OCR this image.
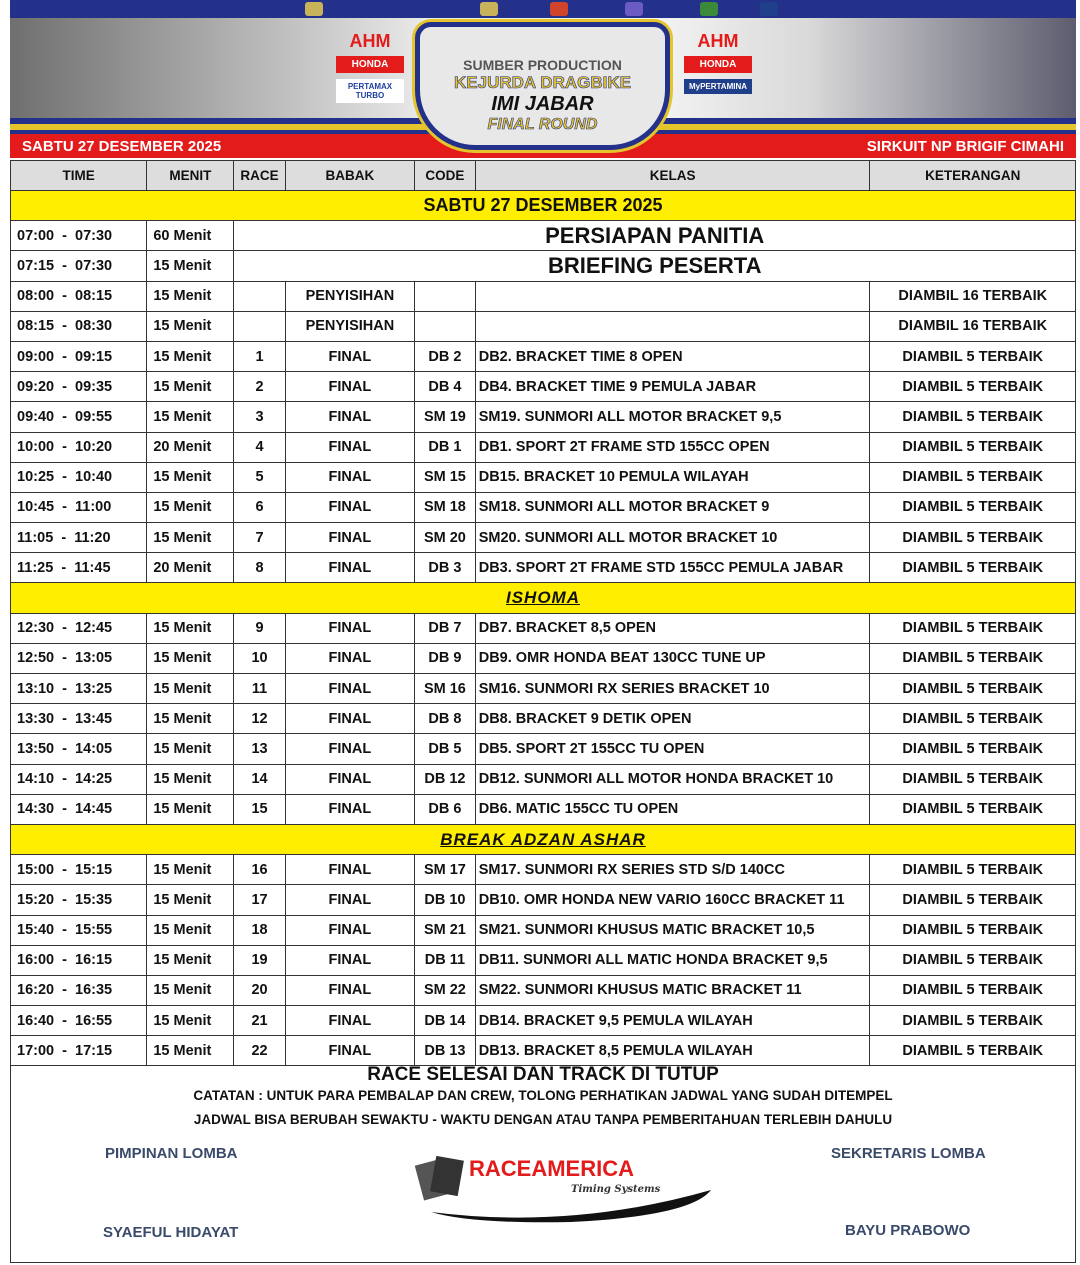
AHM
HONDA
PERTAMAX TURBO
AHM
HONDA
MyPERTAMINA
SABTU 27 DESEMBER 2025	SIRKUIT NP BRIGIF CIMAHI
SUMBER PRODUCTION
KEJURDA DRAGBIKE
IMI JABAR
FINAL ROUND
TIME	MENIT	RACE	BABAK	CODE	KELAS	KETERANGAN
SABTU 27 DESEMBER 2025						
07:00  -  07:30	60 Menit	PERSIAPAN PANITIA				
07:15  -  07:30	15 Menit	BRIEFING PESERTA				
08:00  -  08:15	15 Menit		PENYISIHAN			DIAMBIL 16 TERBAIK
08:15  -  08:30	15 Menit		PENYISIHAN			DIAMBIL 16 TERBAIK
09:00  -  09:15	15 Menit	1	FINAL	DB 2	DB2. BRACKET TIME 8 OPEN	DIAMBIL 5 TERBAIK
09:20  -  09:35	15 Menit	2	FINAL	DB 4	DB4. BRACKET TIME 9 PEMULA JABAR	DIAMBIL 5 TERBAIK
09:40  -  09:55	15 Menit	3	FINAL	SM 19	SM19. SUNMORI ALL MOTOR BRACKET 9,5	DIAMBIL 5 TERBAIK
10:00  -  10:20	20 Menit	4	FINAL	DB 1	DB1. SPORT 2T FRAME STD 155CC OPEN	DIAMBIL 5 TERBAIK
10:25  -  10:40	15 Menit	5	FINAL	SM 15	DB15. BRACKET 10 PEMULA WILAYAH	DIAMBIL 5 TERBAIK
10:45  -  11:00	15 Menit	6	FINAL	SM 18	SM18. SUNMORI ALL MOTOR BRACKET 9	DIAMBIL 5 TERBAIK
11:05  -  11:20	15 Menit	7	FINAL	SM 20	SM20. SUNMORI ALL MOTOR BRACKET 10	DIAMBIL 5 TERBAIK
11:25  -  11:45	20 Menit	8	FINAL	DB 3	DB3. SPORT 2T FRAME STD 155CC PEMULA JABAR	DIAMBIL 5 TERBAIK
ISHOMA						
12:30  -  12:45	15 Menit	9	FINAL	DB 7	DB7. BRACKET 8,5 OPEN	DIAMBIL 5 TERBAIK
12:50  -  13:05	15 Menit	10	FINAL	DB 9	DB9. OMR HONDA BEAT 130CC TUNE UP	DIAMBIL 5 TERBAIK
13:10  -  13:25	15 Menit	11	FINAL	SM 16	SM16. SUNMORI RX SERIES BRACKET 10	DIAMBIL 5 TERBAIK
13:30  -  13:45	15 Menit	12	FINAL	DB 8	DB8. BRACKET 9 DETIK OPEN	DIAMBIL 5 TERBAIK
13:50  -  14:05	15 Menit	13	FINAL	DB 5	DB5. SPORT 2T 155CC TU OPEN	DIAMBIL 5 TERBAIK
14:10  -  14:25	15 Menit	14	FINAL	DB 12	DB12. SUNMORI ALL MOTOR HONDA BRACKET 10	DIAMBIL 5 TERBAIK
14:30  -  14:45	15 Menit	15	FINAL	DB 6	DB6. MATIC 155CC TU OPEN	DIAMBIL 5 TERBAIK
BREAK ADZAN ASHAR						
15:00  -  15:15	15 Menit	16	FINAL	SM 17	SM17. SUNMORI RX SERIES STD S/D 140CC	DIAMBIL 5 TERBAIK
15:20  -  15:35	15 Menit	17	FINAL	DB 10	DB10. OMR HONDA NEW VARIO 160CC BRACKET 11	DIAMBIL 5 TERBAIK
15:40  -  15:55	15 Menit	18	FINAL	SM 21	SM21. SUNMORI KHUSUS MATIC BRACKET 10,5	DIAMBIL 5 TERBAIK
16:00  -  16:15	15 Menit	19	FINAL	DB 11	DB11. SUNMORI ALL MATIC HONDA BRACKET 9,5	DIAMBIL 5 TERBAIK
16:20  -  16:35	15 Menit	20	FINAL	SM 22	SM22. SUNMORI KHUSUS MATIC BRACKET 11	DIAMBIL 5 TERBAIK
16:40  -  16:55	15 Menit	21	FINAL	DB 14	DB14. BRACKET 9,5 PEMULA WILAYAH	DIAMBIL 5 TERBAIK
17:00  -  17:15	15 Menit	22	FINAL	DB 13	DB13. BRACKET 8,5 PEMULA WILAYAH	DIAMBIL 5 TERBAIK
RACE SELESAI DAN TRACK DI TUTUP
CATATAN : UNTUK PARA PEMBALAP DAN CREW, TOLONG PERHATIKAN JADWAL YANG SUDAH DITEMPEL
JADWAL BISA BERUBAH SEWAKTU - WAKTU DENGAN ATAU TANPA PEMBERITAHUAN TERLEBIH DAHULU
PIMPINAN LOMBA
SYAEFUL HIDAYAT
SEKRETARIS LOMBA
BAYU PRABOWO
RACEAMERICA
Timing Systems
